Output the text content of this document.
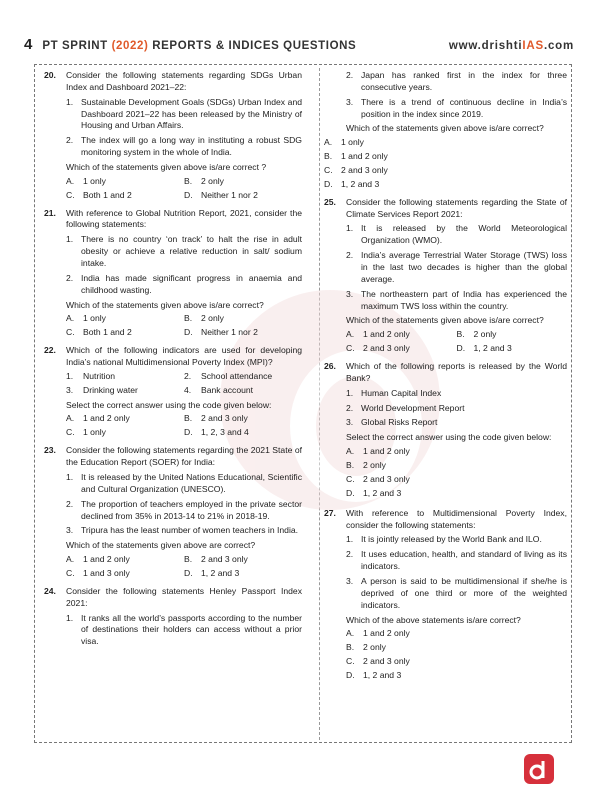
4 PT SPRINT (2022) REPORTS & INDICES QUESTIONS	www.drishtiIAS.com
20.	Consider the following statements regarding SDGs Urban Index and Dashboard 2021–22:
1. Sustainable Development Goals (SDGs) Urban Index and Dashboard 2021–22 has been released by the Ministry of Housing and Urban Affairs.
2. The index will go a long way in instituting a robust SDG monitoring system in the whole of India.
Which of the statements given above is/are correct ?
A.	1 only	B.	2 only
C. Both 1 and 2	D. Neither 1 nor 2
21.	With reference to Global Nutrition Report, 2021, consider the following statements:
1. There is no country ‘on track’ to halt the rise in adult obesity or achieve a relative reduction in salt/ sodium intake.
2. India has made significant progress in anaemia and childhood wasting.
Which of the statements given above is/are correct?
A.	1 only	B.	2 only
C. Both 1 and 2	D. Neither 1 nor 2
22.	Which of the following indicators are used for developing India’s national Multidimensional Poverty Index (MPI)?
1.	Nutrition	2.	School attendance
3.	Drinking water	4.	Bank account
Select the correct answer using the code given below:
A.	1 and 2 only	B.	2 and 3 only
C. 1 only	D. 1, 2, 3 and 4
23.	Consider the following statements regarding the 2021 State of the Education Report (SOER) for India:
1. It is released by the United Nations Educational, Scientific and Cultural Organization (UNESCO).
2. The proportion of teachers employed in the private sector declined from 35% in 2013-14 to 21% in 2018-19.
3. Tripura has the least number of women teachers in India.
Which of the statements given above are correct?
A.	1 and 2 only	B.	2 and 3 only
C. 1 and 3 only	D. 1, 2 and 3
24.	Consider the following statements Henley Passport Index 2021:
1. It ranks all the world’s passports according to the number of destinations their holders can access without a prior visa.
2. Japan has ranked first in the index for three consecutive years.
3. There is a trend of continuous decline in India’s position in the index since 2019.
Which of the statements given above is/are correct?
A.	1 only
B.	1 and 2 only
C. 2 and 3 only
D. 1, 2 and 3
25.	Consider the following statements regarding the State of Climate Services Report 2021:
1. It is released by the World Meteorological Organization (WMO).
2. India’s average Terrestrial Water Storage (TWS) loss in the last two decades is higher than the global average.
3. The northeastern part of India has experienced the maximum TWS loss within the country.
Which of the statements given above is/are correct?
A.	1 and 2 only	B.	2 only
C. 2 and 3 only	D. 1, 2 and 3
26.	Which of the following reports is released by the World Bank?
1. Human Capital Index
2. World Development Report
3. Global Risks Report
Select the correct answer using the code given below:
A.	1 and 2 only
B.	2 only
C. 2 and 3 only
D. 1, 2 and 3
27.	With reference to Multidimensional Poverty Index, consider the following statements:
1. It is jointly released by the World Bank and ILO.
2. It uses education, health, and standard of living as its indicators.
3. A person is said to be multidimensional if she/he is deprived of one third or more of the weighted indicators.
Which of the above statements is/are correct?
A.	1 and 2 only
B.	2 only
C. 2 and 3 only
D. 1, 2 and 3
